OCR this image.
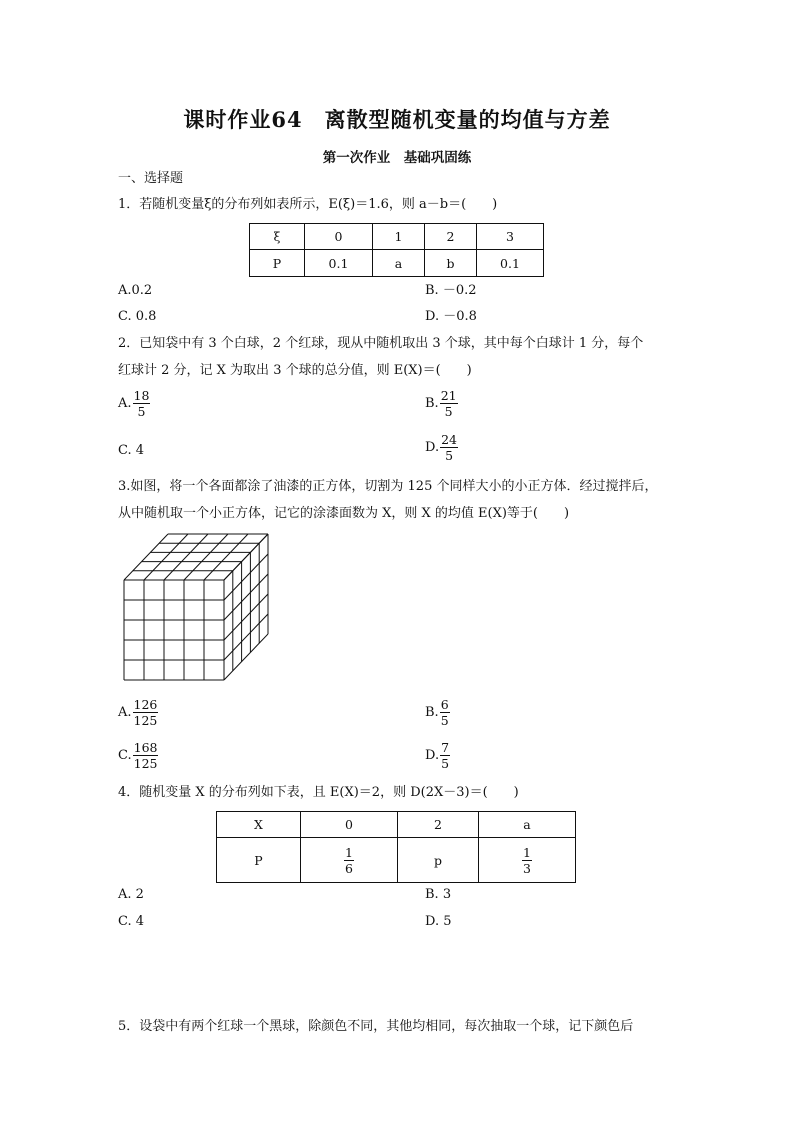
课时作业64　离散型随机变量的均值与方差
第一次作业　基础巩固练
一、选择题
1．若随机变量ξ的分布列如表所示，E(ξ)＝1.6，则 a－b＝(　　)
ξ	0	1	2	3
P	0.1	a	b	0.1
A.0.2	B. －0.2
C. 0.8	D. －0.8
2．已知袋中有 3 个白球，2 个红球，现从中随机取出 3 个球，其中每个白球计 1 分，每个
红球计 2 分，记 X 为取出 3 个球的总分值，则 E(X)＝(　　)
A. $\frac{18}{5}$	B. $\frac{21}{5}$
C. 4	D. $\frac{24}{5}$
3.如图，将一个各面都涂了油漆的正方体，切割为 125 个同样大小的小正方体．经过搅拌后，
从中随机取一个小正方体，记它的涂漆面数为 X，则 X 的均值 E(X)等于(　　)
A. $\frac{126}{125}$	B. $\frac{6}{5}$
C. $\frac{168}{125}$	D. $\frac{7}{5}$
4．随机变量 X 的分布列如下表，且 E(X)＝2，则 D(2X－3)＝(　　)
X	0	2	a
P	$\frac{1}{6}$	p	$\frac{1}{3}$
A. 2	B. 3
C. 4	D. 5
5．设袋中有两个红球一个黑球，除颜色不同，其他均相同，每次抽取一个球，记下颜色后
